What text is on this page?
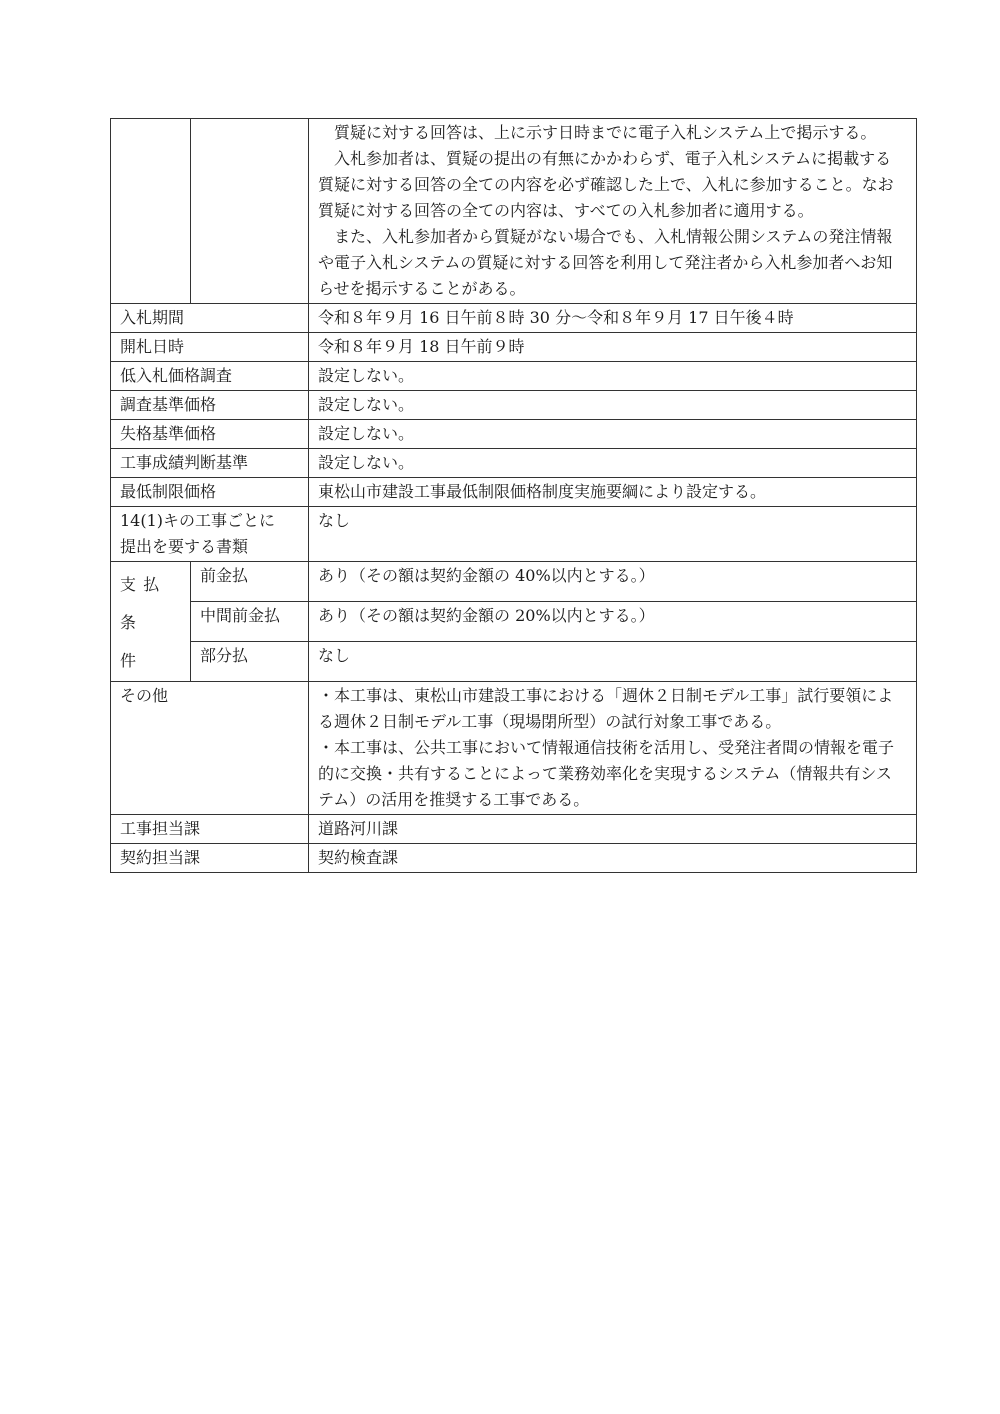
		質疑に対する回答は、上に示す日時までに電子入札システム上で掲示する。

入札参加者は、質疑の提出の有無にかかわらず、電子入札システムに掲載する質疑に対する回答の全ての内容を必ず確認した上で、入札に参加すること。なお質疑に対する回答の全ての内容は、すべての入札参加者に適用する。

また、入札参加者から質疑がない場合でも、入札情報公開システムの発注情報や電子入札システムの質疑に対する回答を利用して発注者から入札参加者へお知らせを掲示することがある。

入札期間		令和８年９月 16 日午前８時 30 分～令和８年９月 17 日午後４時
開札日時		令和８年９月 18 日午前９時
低入札価格調査		設定しない。
調査基準価格		設定しない。
失格基準価格		設定しない。
工事成績判断基準		設定しない。
最低制限価格		東松山市建設工事最低制限価格制度実施要綱により設定する。

14(1)キの工事ごとに
提出を要する書類		なし

支払条
件	前金払	あり（その額は契約金額の 40%以内とする。）
	中間前金払	あり（その額は契約金額の 20%以内とする。）
	部分払	なし
その他		・本工事は、東松山市建設工事における「週休２日制モデル工事」試行要領による週休２日制モデル工事（現場閉所型）の試行対象工事である。

・本工事は、公共工事において情報通信技術を活用し、受発注者間の情報を電子的に交換・共有することによって業務効率化を実現するシステム（情報共有システム）の活用を推奨する工事である。

工事担当課		道路河川課
契約担当課		契約検査課
